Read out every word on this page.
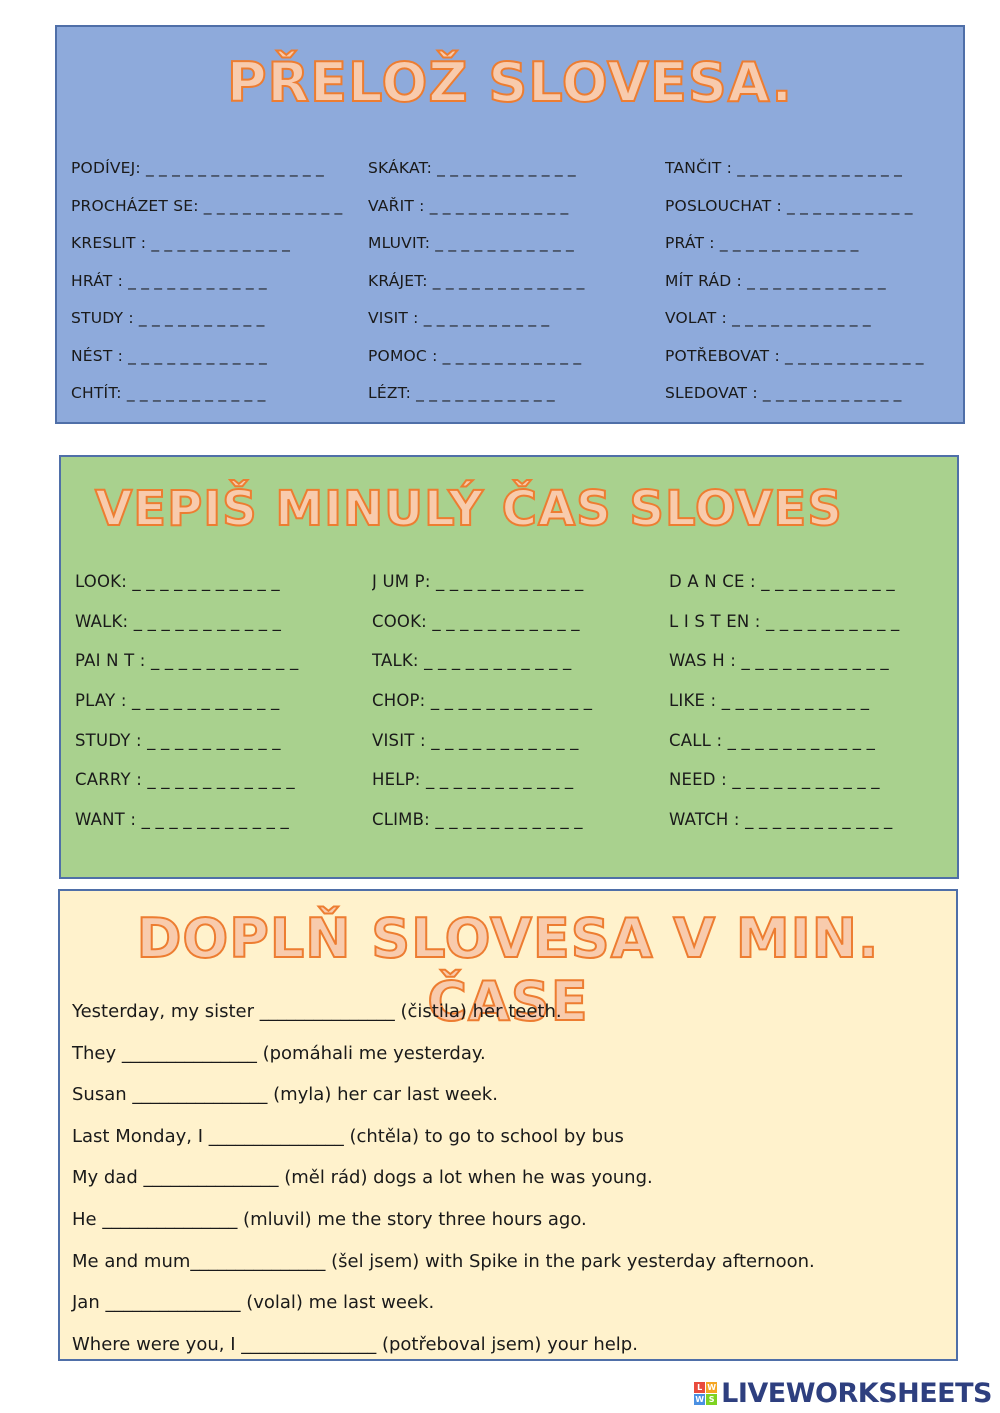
PŘELOŽ SLOVESA.
PODÍVEJ: _ _ _ _ _ _ _ _ _ _ _ _ _ _	SKÁKAT: _ _ _ _ _ _ _ _ _ _ _	TANČIT : _ _ _ _ _ _ _ _ _ _ _ _ _
PROCHÁZET SE: _ _ _ _ _ _ _ _ _ _ _	VAŘIT : _ _ _ _ _ _ _ _ _ _ _	POSLOUCHAT : _ _ _ _ _ _ _ _ _ _
KRESLIT : _ _ _ _ _ _ _ _ _ _ _	MLUVIT: _ _ _ _ _ _ _ _ _ _ _	PRÁT : _ _ _ _ _ _ _ _ _ _ _
HRÁT : _ _ _ _ _ _ _ _ _ _ _	KRÁJET: _ _ _ _ _ _ _ _ _ _ _ _	MÍT RÁD : _ _ _ _ _ _ _ _ _ _ _
STUDY : _ _ _ _ _ _ _ _ _ _	VISIT : _ _ _ _ _ _ _ _ _ _	VOLAT : _ _ _ _ _ _ _ _ _ _ _
NÉST : _ _ _ _ _ _ _ _ _ _ _	POMOC : _ _ _ _ _ _ _ _ _ _ _	POTŘEBOVAT : _ _ _ _ _ _ _ _ _ _ _
CHTÍT: _ _ _ _ _ _ _ _ _ _ _	LÉZT: _ _ _ _ _ _ _ _ _ _ _	SLEDOVAT : _ _ _ _ _ _ _ _ _ _ _
VEPIŠ MINULÝ ČAS SLOVES
LOOK: _ _ _ _ _ _ _ _ _ _ _	J UM P: _ _ _ _ _ _ _ _ _ _ _	D A N CE : _ _ _ _ _ _ _ _ _ _
WALK: _ _ _ _ _ _ _ _ _ _ _	COOK: _ _ _ _ _ _ _ _ _ _ _	L I S T EN : _ _ _ _ _ _ _ _ _ _
PAI N T : _ _ _ _ _ _ _ _ _ _ _	TALK: _ _ _ _ _ _ _ _ _ _ _	WAS H : _ _ _ _ _ _ _ _ _ _ _
PLAY : _ _ _ _ _ _ _ _ _ _ _	CHOP: _ _ _ _ _ _ _ _ _ _ _ _	LIKE : _ _ _ _ _ _ _ _ _ _ _
STUDY : _ _ _ _ _ _ _ _ _ _	VISIT : _ _ _ _ _ _ _ _ _ _ _	CALL : _ _ _ _ _ _ _ _ _ _ _
CARRY : _ _ _ _ _ _ _ _ _ _ _	HELP: _ _ _ _ _ _ _ _ _ _ _	NEED : _ _ _ _ _ _ _ _ _ _ _
WANT : _ _ _ _ _ _ _ _ _ _ _	CLIMB: _ _ _ _ _ _ _ _ _ _ _	WATCH : _ _ _ _ _ _ _ _ _ _ _
DOPLŇ SLOVESA V MIN. ČASE
Yesterday, my sister _______________ (čistila) her teeth.
They _______________ (pomáhali me yesterday.
Susan _______________ (myla) her car last week.
Last Monday, I _______________ (chtěla) to go to school by bus
My dad _______________ (měl rád) dogs a lot when he was young.
He _______________ (mluvil) me the story three hours ago.
Me and mum_______________ (šel jsem) with Spike in the park yesterday afternoon.
Jan _______________ (volal) me last week.
Where were you, I _______________ (potřeboval jsem) your help.
L W
W S LIVEWORKSHEETS
